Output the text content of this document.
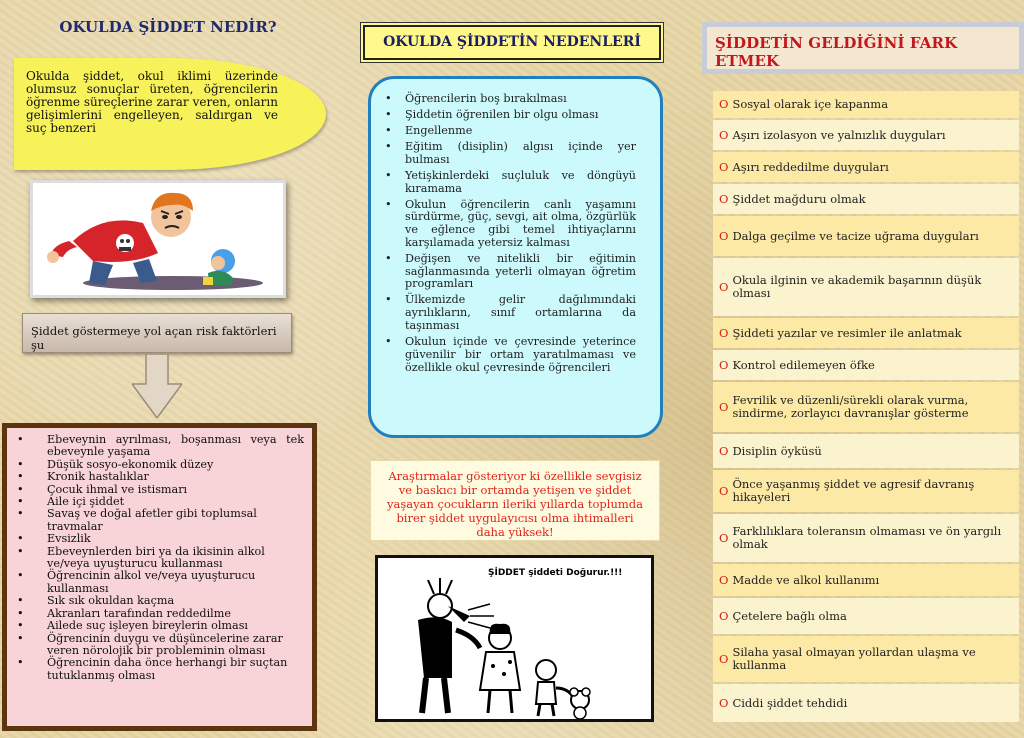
OKULDA ŞİDDET NEDİR?
Okulda şiddet, okul iklimi üzerinde olumsuz sonuçlar üreten, öğrencilerin öğrenme süreçlerine zarar veren, onların gelişimlerini engelleyen, saldırgan ve suç benzeri
Şiddet göstermeye yol açan risk faktörleri şu
• Ebeveynin ayrılması, boşanması veya tek ebeveynle yaşama
• Düşük sosyo-ekonomik düzey
• Kronik hastalıklar
• Çocuk ihmal ve istismarı
• Aile içi şiddet
• Savaş ve doğal afetler gibi toplumsal travmalar
• Evsizlik
• Ebeveynlerden biri ya da ikisinin alkol ve/veya uyuşturucu kullanması
• Öğrencinin alkol ve/veya uyuşturucu kullanması
• Sık sık okuldan kaçma
• Akranları tarafından reddedilme
• Ailede suç işleyen bireylerin olması
• Öğrencinin duygu ve düşüncelerine zarar veren nörolojik bir probleminin olması
• Öğrencinin daha önce herhangi bir suçtan tutuklanmış olması
OKULDA ŞİDDETİN NEDENLERİ
• Öğrencilerin boş bırakılması
• Şiddetin öğrenilen bir olgu olması
• Engellenme
• Eğitim (disiplin) algısı içinde yer bulması
• Yetişkinlerdeki suçluluk ve döngüyü kıramama
• Okulun öğrencilerin canlı yaşamını sürdürme, güç, sevgi, ait olma, özgürlük ve eğlence gibi temel ihtiyaçlarını karşılamada yetersiz kalması
• Değişen ve nitelikli bir eğitimin sağlanmasında yeterli olmayan öğretim programları
• Ülkemizde gelir dağılımındaki ayrılıkların, sınıf ortamlarına da taşınması
• Okulun içinde ve çevresinde yeterince güvenilir bir ortam yaratılmaması ve özellikle okul çevresinde öğrencileri
Araştırmalar gösteriyor ki özellikle sevgisiz ve baskıcı bir ortamda yetişen ve şiddet yaşayan çocukların ileriki yıllarda toplumda birer şiddet uygulayıcısı olma ihtimalleri daha yüksek!
ŞİDDET şiddeti Doğurur.!!!
ŞİDDETİN GELDİĞİNİ FARK ETMEK
O Sosyal olarak içe kapanma
O Aşırı izolasyon ve yalnızlık duyguları
O Aşırı reddedilme duyguları
O Şiddet mağduru olmak
O Dalga geçilme ve tacize uğrama duyguları
O Okula ilginin ve akademik başarının düşük olması
O Şiddeti yazılar ve resimler ile anlatmak
O Kontrol edilemeyen öfke
O Fevrilik ve düzenli/sürekli olarak vurma, sindirme, zorlayıcı davranışlar gösterme
O Disiplin öyküsü
O Önce yaşanmış şiddet ve agresif davranış hikayeleri
O Farklılıklara toleransın olmaması ve ön yargılı olmak
O Madde ve alkol kullanımı
O Çetelere bağlı olma
O Silaha yasal olmayan yollardan ulaşma ve kullanma
O Ciddi şiddet tehdidi
